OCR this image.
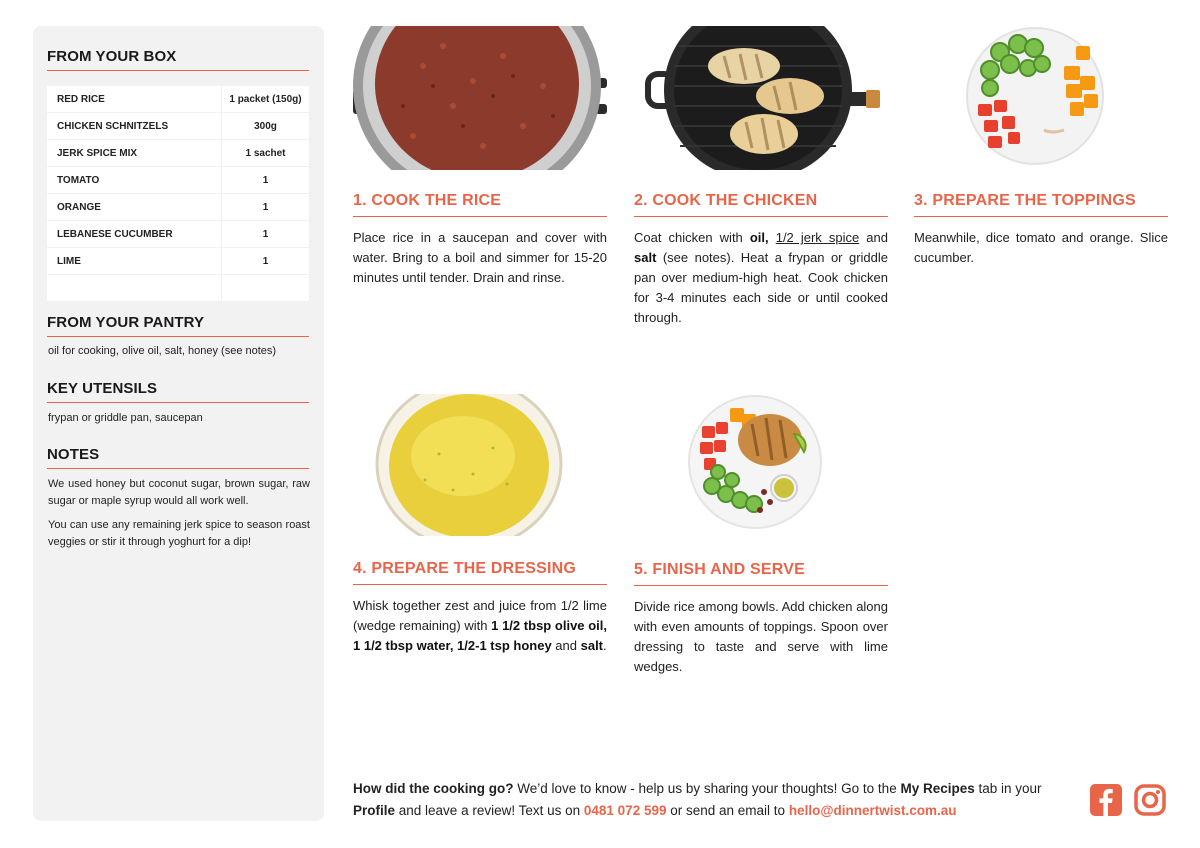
FROM YOUR BOX
RED RICE	1 packet (150g)
CHICKEN SCHNITZELS	300g
JERK SPICE MIX	1 sachet
TOMATO	1
ORANGE	1
LEBANESE CUCUMBER	1
LIME	1
FROM YOUR PANTRY
oil for cooking, olive oil, salt, honey (see notes)
KEY UTENSILS
frypan or griddle pan, saucepan
NOTES
We used honey but coconut sugar, brown sugar, raw sugar or maple syrup would all work well.
You can use any remaining jerk spice to season roast veggies or stir it through yoghurt for a dip!
1. COOK THE RICE
Place rice in a saucepan and cover with water. Bring to a boil and simmer for 15-20 minutes until tender. Drain and rinse.
2. COOK THE CHICKEN
Coat chicken with oil, 1/2 jerk spice and salt (see notes). Heat a frypan or griddle pan over medium-high heat. Cook chicken for 3-4 minutes each side or until cooked through.
3. PREPARE THE TOPPINGS
Meanwhile, dice tomato and orange. Slice cucumber.
4. PREPARE THE DRESSING
Whisk together zest and juice from 1/2 lime (wedge remaining) with 1 1/2 tbsp olive oil, 1 1/2 tbsp water, 1/2-1 tsp honey and salt.
5. FINISH AND SERVE
Divide rice among bowls. Add chicken along with even amounts of toppings. Spoon over dressing to taste and serve with lime wedges.
How did the cooking go? We’d love to know - help us by sharing your thoughts! Go to the My Recipes tab in your Profile and leave a review! Text us on 0481 072 599 or send an email to hello@dinnertwist.com.au
